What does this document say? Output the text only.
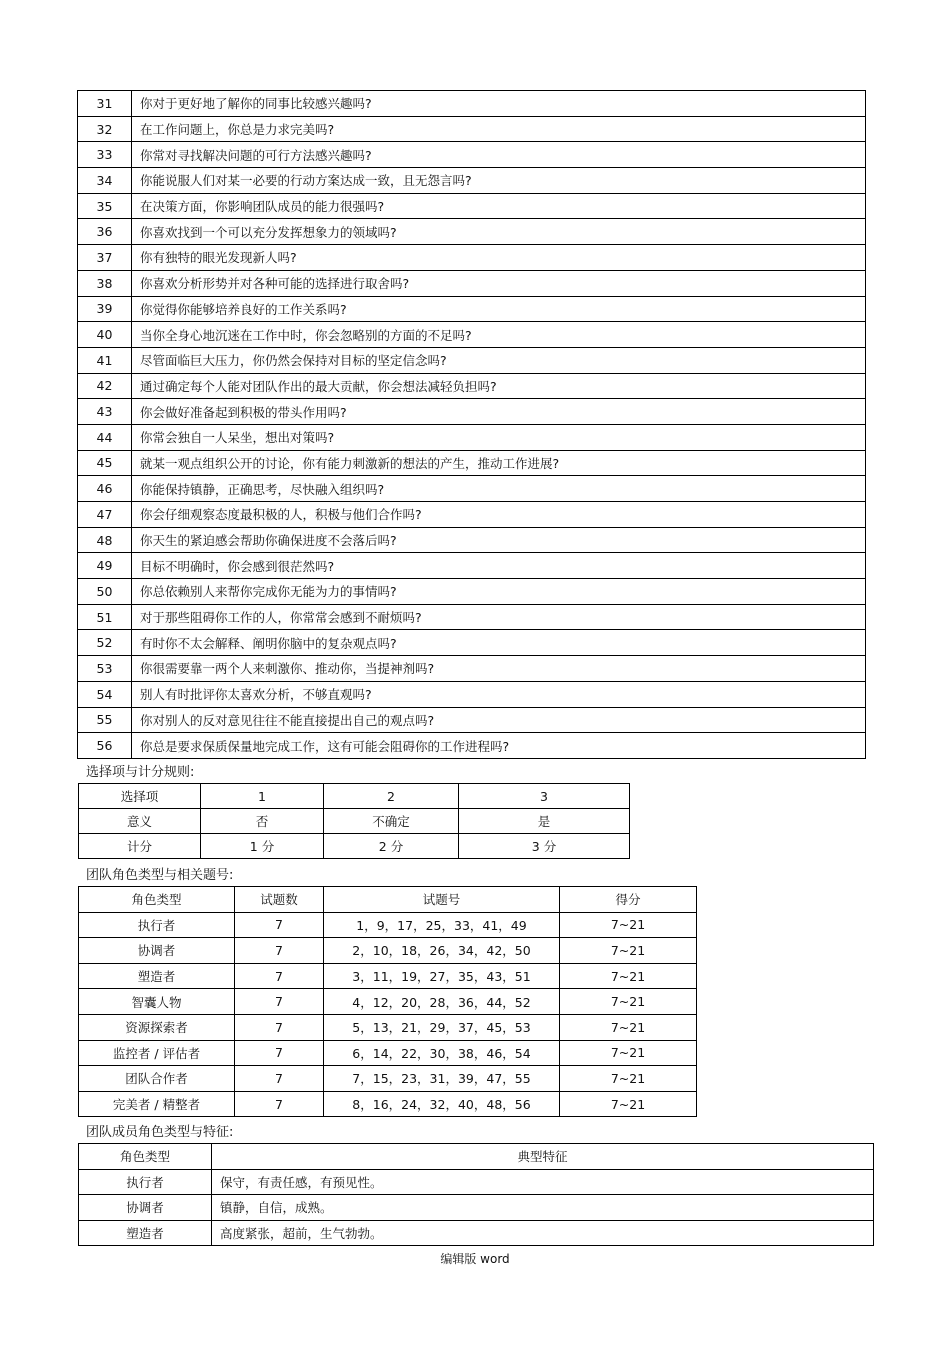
31	你对于更好地了解你的同事比较感兴趣吗?
32	在工作问题上，你总是力求完美吗?
33	你常对寻找解决问题的可行方法感兴趣吗?
34	你能说服人们对某一必要的行动方案达成一致，且无怨言吗?
35	在决策方面，你影响团队成员的能力很强吗?
36	你喜欢找到一个可以充分发挥想象力的领域吗?
37	你有独特的眼光发现新人吗?
38	你喜欢分析形势并对各种可能的选择进行取舍吗?
39	你觉得你能够培养良好的工作关系吗?
40	当你全身心地沉迷在工作中时，你会忽略别的方面的不足吗?
41	尽管面临巨大压力，你仍然会保持对目标的坚定信念吗?
42	通过确定每个人能对团队作出的最大贡献，你会想法减轻负担吗?
43	你会做好准备起到积极的带头作用吗?
44	你常会独自一人呆坐，想出对策吗?
45	就某一观点组织公开的讨论，你有能力刺激新的想法的产生，推动工作进展?
46	你能保持镇静，正确思考，尽快融入组织吗?
47	你会仔细观察态度最积极的人，积极与他们合作吗?
48	你天生的紧迫感会帮助你确保进度不会落后吗?
49	目标不明确时，你会感到很茫然吗?
50	你总依赖别人来帮你完成你无能为力的事情吗?
51	对于那些阻碍你工作的人，你常常会感到不耐烦吗?
52	有时你不太会解释、阐明你脑中的复杂观点吗?
53	你很需要靠一两个人来刺激你、推动你，当提神剂吗?
54	别人有时批评你太喜欢分析，不够直观吗?
55	你对别人的反对意见往往不能直接提出自己的观点吗?
56	你总是要求保质保量地完成工作，这有可能会阻碍你的工作进程吗?
选择项与计分规则:
选择项	1	2	3
意义	否	不确定	是
计分	1 分	2 分	3 分
团队角色类型与相关题号:
角色类型	试题数	试题号	得分
执行者	7	1，9，17，25，33，41，49	7~21
协调者	7	2，10，18，26，34，42，50	7~21
塑造者	7	3，11，19，27，35，43，51	7~21
智囊人物	7	4，12，20，28，36，44，52	7~21
资源探索者	7	5，13，21，29，37，45，53	7~21
监控者 / 评估者	7	6，14，22，30，38，46，54	7~21
团队合作者	7	7，15，23，31，39，47，55	7~21
完美者 / 精整者	7	8，16，24，32，40，48，56	7~21
团队成员角色类型与特征:
角色类型	典型特征
执行者	保守，有责任感，有预见性。
协调者	镇静，自信，成熟。
塑造者	高度紧张，超前，生气勃勃。
编辑版 word
